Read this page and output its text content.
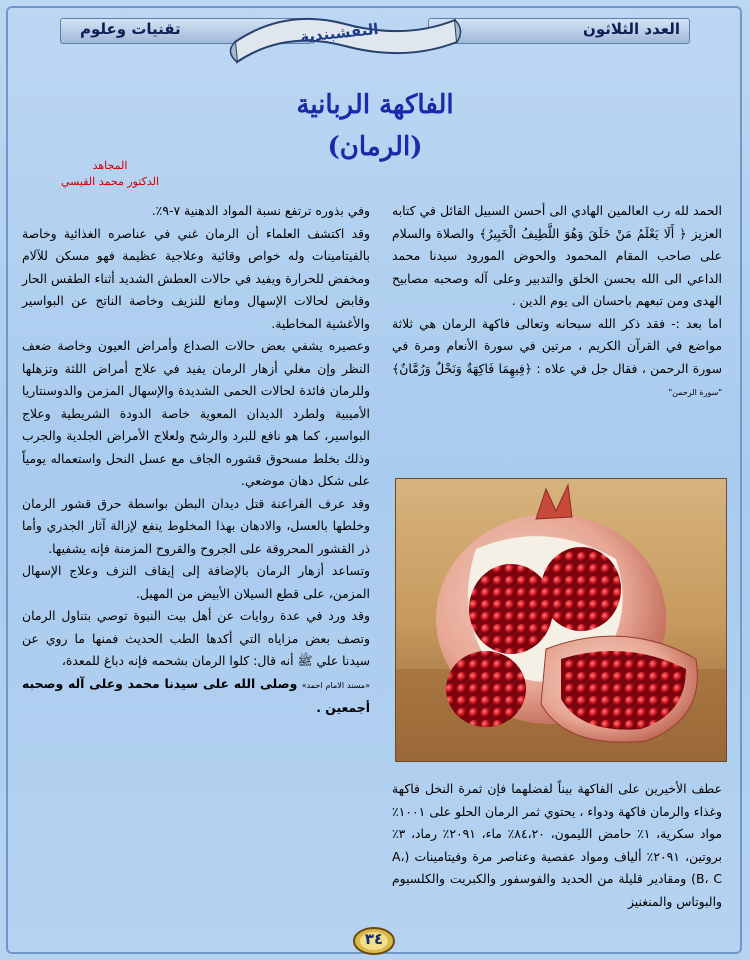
العدد الثلاثون
تقنيات وعلوم	النقشبندية
الفاكهة الربانية
(الرمان)
المجاهد
الدكتور محمد القيسي

الحمد لله رب العالمين الهادي الى أحسن السبيل القائل في كتابه العزيز ﴿ أَلَا يَعْلَمُ مَنْ خَلَقَ وَهُوَ اللَّطِيفُ الْخَبِيرُ﴾ والصلاة والسلام على صاحب المقام المحمود والحوض المورود سيدنا محمد الداعي الى الله بحسن الخلق والتدبير وعلى آله وصحبه مصابيح الهدى ومن تبعهم باحسان الى يوم الدين .

اما بعد :- فقد ذكر الله سبحانه وتعالى فاكهة الرمان هي ثلاثة مواضع في القرآن الكريم ، مرتين في سورة الأنعام ومرة في سورة الرحمن ، فقال جل في علاه : ﴿فِيهِمَا فَاكِهَةٌ وَنَخْلٌ وَرُمَّانٌ﴾ "سورة الرحمن"

عطف الأخيرين على الفاكهة بيناً لفضلهما فإن ثمرة النخل فاكهة وغذاء والرمان فاكهة ودواء ، يحتوي ثمر الرمان الحلو على ١٠٠١٪ مواد سكرية، ١٪ حامض الليمون، ٨٤،٢٠٪ ماء، ٢٠٩١٪ رماد، ٣٪ بروتين، ٢٠٩١٪ ألياف ومواد عفصية وعناصر مرة وفيتامينات (A، B، C) ومقادير قليلة من الحديد والفوسفور والكبريت والكلسيوم والبوتاس والمنغنيز

وفي بذوره ترتفع نسبة المواد الدهنية ٧-٩٪.

وقد اكتشف العلماء أن الرمان غني في عناصره الغذائية وخاصة بالفيتامينات وله خواص وقائية وعلاجية عظيمة فهو مسكن للآلام ومخفض للحرارة ويفيد في حالات العطش الشديد أثناء الطقس الحار وقابض لحالات الإسهال ومانع للنزيف وخاصة الناتج عن البواسير والأغشية المخاطية.

وعصيره يشفي بعض حالات الصداع وأمراض العيون وخاصة ضعف النظر وإن مغلي أزهار الرمان يفيد في علاج أمراض اللثة وتزهلها وللرمان فائدة لحالات الحمى الشديدة والإسهال المزمن والدوسنتاريا الأميبية ولطرد الديدان المعوية خاصة الدودة الشريطية وعلاج البواسير، كما هو نافع للبرد والرشح ولعلاج الأمراض الجلدية والجرب وذلك بخلط مسحوق قشوره الجاف مع عسل النحل واستعماله يومياً على شكل دهان موضعي.

وقد عرف الفراعنة قتل ديدان البطن بواسطة حرق قشور الرمان وخلطها بالعسل، والادهان بهذا المخلوط ينفع لإزالة آثار الجدري وأما ذر القشور المحروقة على الجروح والقروح المزمنة فإنه يشفيها.

وتساعد أزهار الرمان بالإضافة إلى إيقاف النزف وعلاج الإسهال المزمن، على قطع السيلان الأبيض من المهبل.

وقد ورد في عدة روايات عن أهل بيت النبوة توصي بتناول الرمان وتصف بعض مزاياه التي أكدها الطب الحديث فمنها ما روي عن سيدنا علي ﷺ أنه قال: كلوا الرمان بشحمه فإنه دباغ للمعدة،

«مسند الامام احمد» وصلى الله على سيدنا محمد وعلى آله وصحبه أجمعين .

٣٤
